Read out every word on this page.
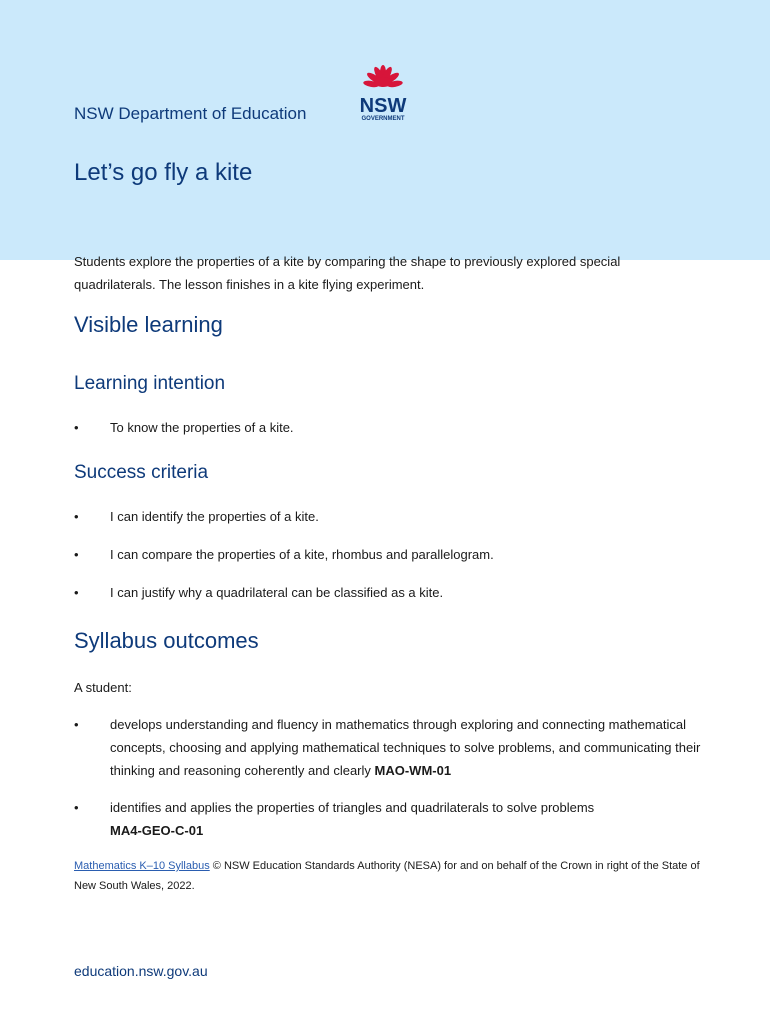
NSW Department of Education	NSW
GOVERNMENT
Let’s go fly a kite

Students explore the properties of a kite by comparing the shape to previously explored special quadrilaterals. The lesson finishes in a kite flying experiment.

Visible learning
Learning intention
• To know the properties of a kite.
Success criteria
• I can identify the properties of a kite.
• I can compare the properties of a kite, rhombus and parallelogram.
• I can justify why a quadrilateral can be classified as a kite.
Syllabus outcomes

A student:

• develops understanding and fluency in mathematics through exploring and connecting mathematical concepts, choosing and applying mathematical techniques to solve problems, and communicating their thinking and reasoning coherently and clearly MAO-WM-01
• identifies and applies the properties of triangles and quadrilaterals to solve problems
MA4-GEO-C-01

Mathematics K–10 Syllabus © NSW Education Standards Authority (NESA) for and on behalf of the Crown in right of the State of New South Wales, 2022.

education.nsw.gov.au
